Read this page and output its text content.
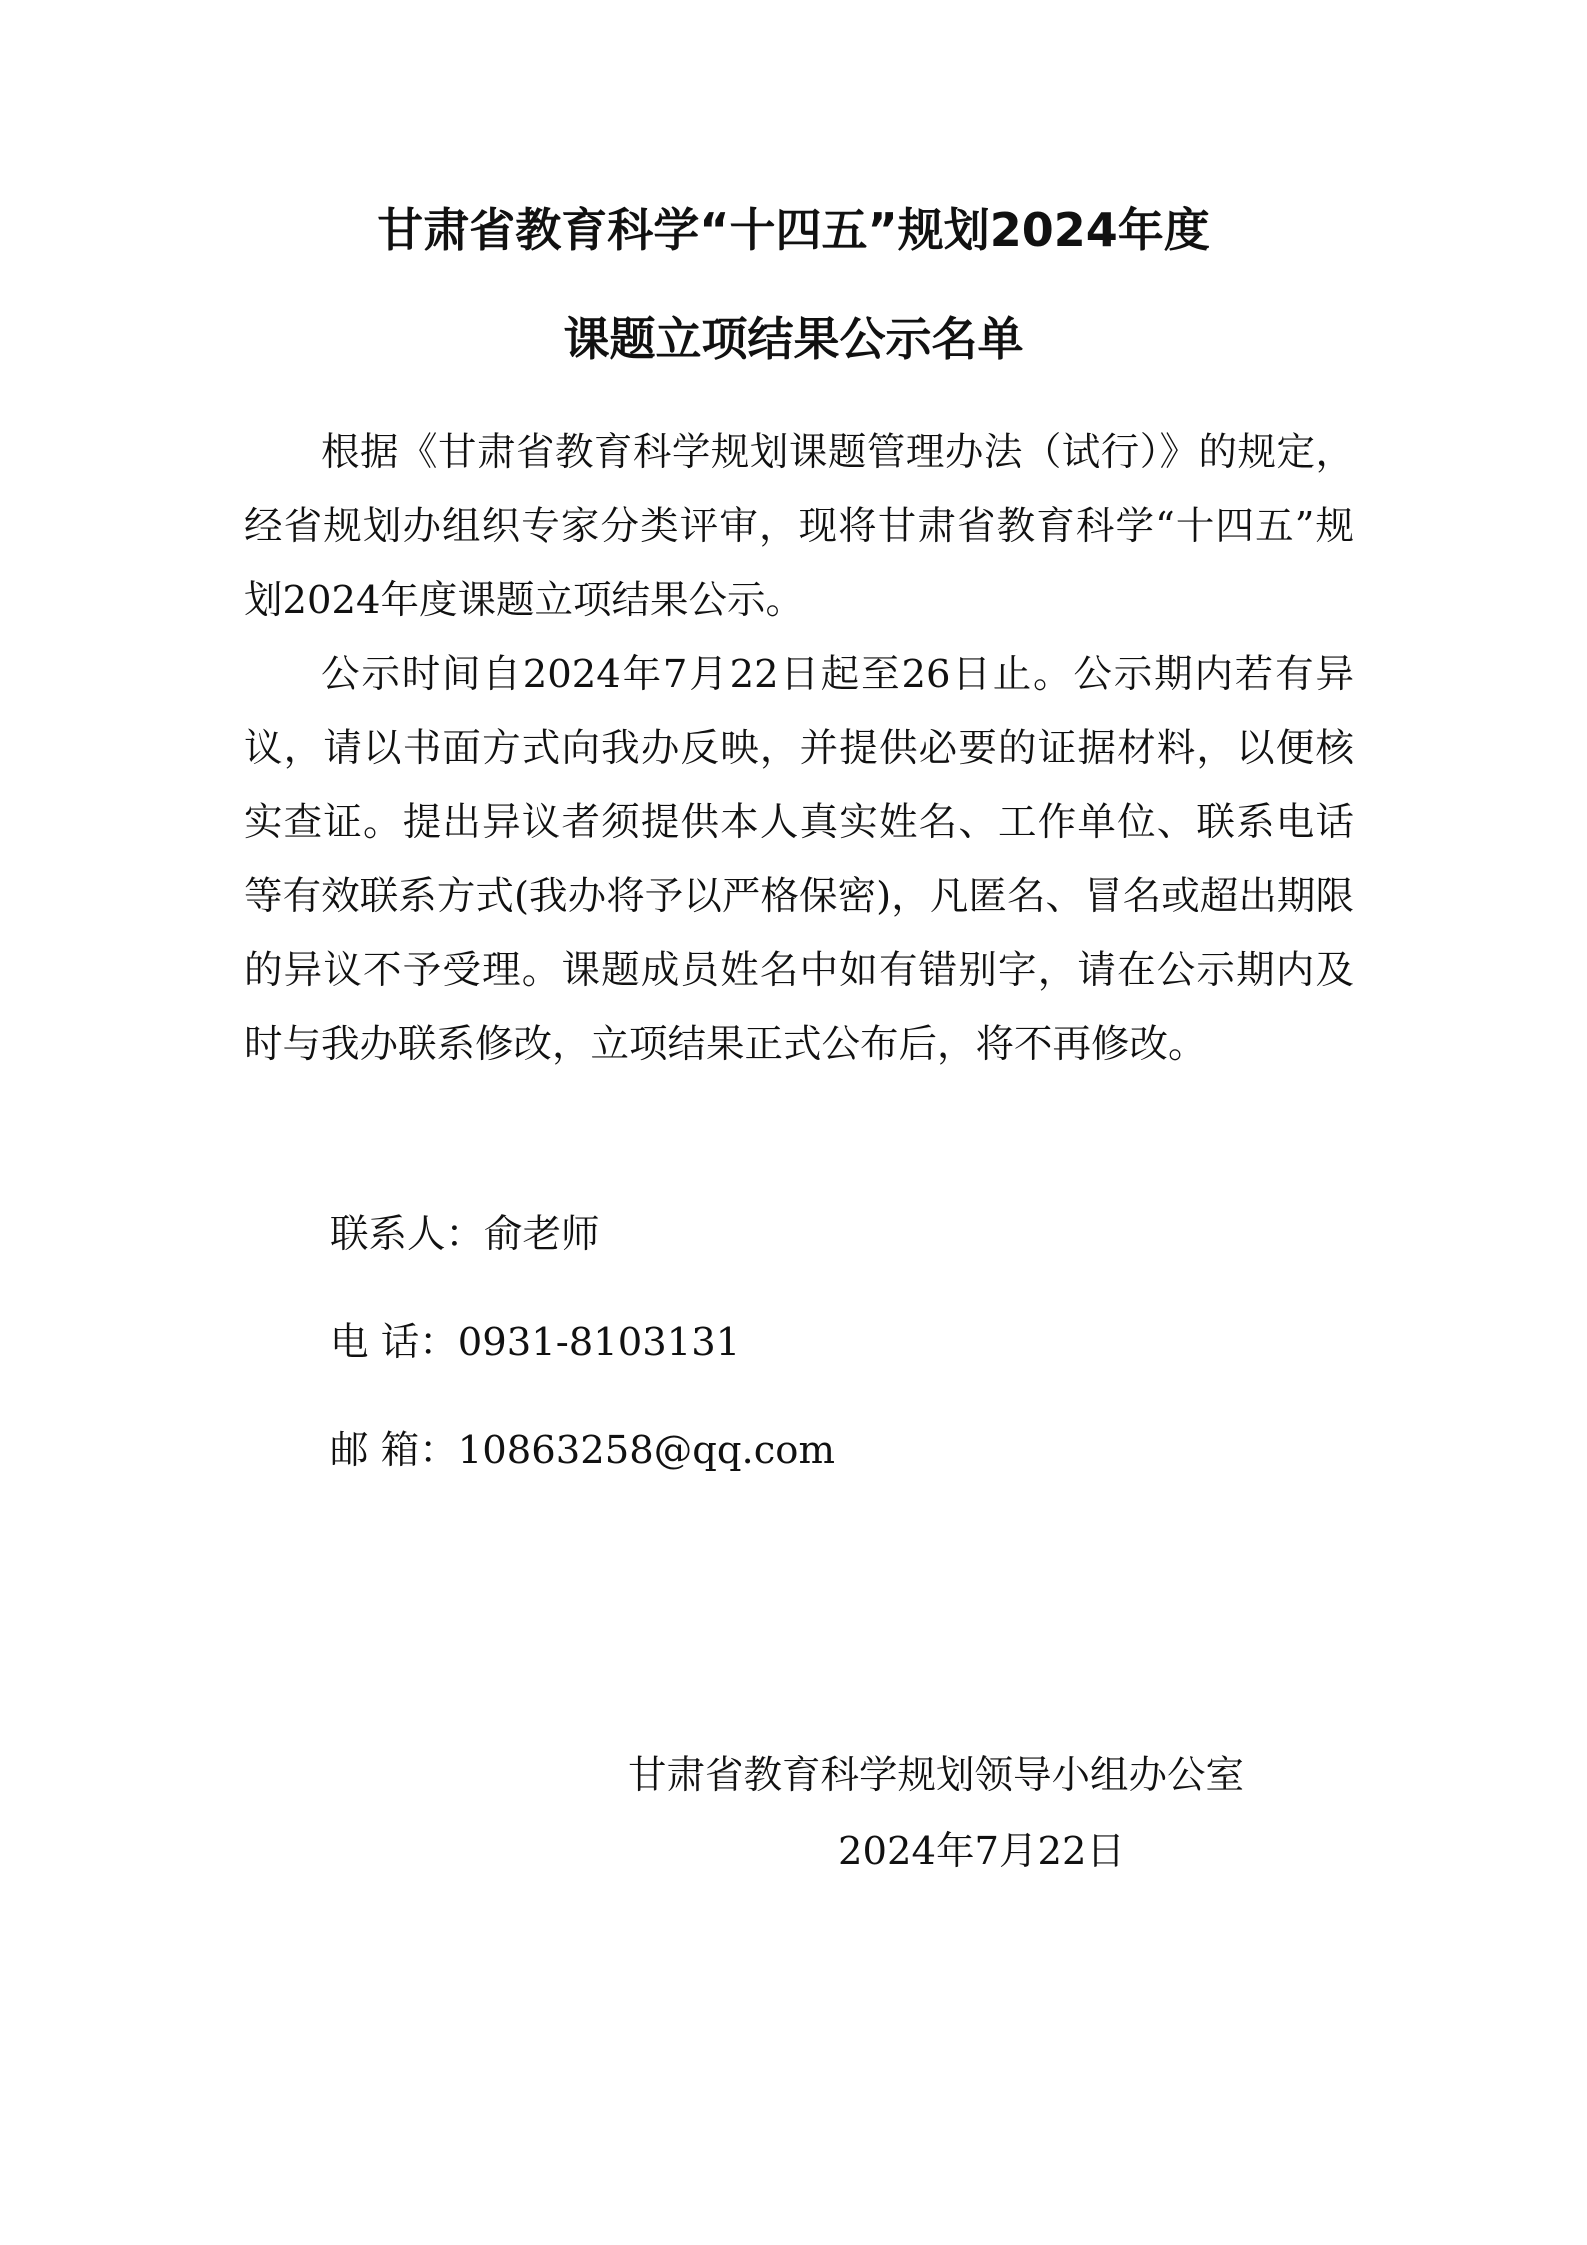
甘肃省教育科学“十四五”规划2024年度
课题立项结果公示名单

根据《甘肃省教育科学规划课题管理办法（试行）》的规定，经省规划办组织专家分类评审，现将甘肃省教育科学“十四五”规划2024年度课题立项结果公示。

公示时间自2024年7月22日起至26日止。公示期内若有异议，请以书面方式向我办反映，并提供必要的证据材料，以便核实查证。提出异议者须提供本人真实姓名、工作单位、联系电话等有效联系方式(我办将予以严格保密)，凡匿名、冒名或超出期限的异议不予受理。课题成员姓名中如有错别字，请在公示期内及时与我办联系修改，立项结果正式公布后，将不再修改。

联系人：俞老师
电 话：0931-8103131
邮 箱：10863258@qq.com
甘肃省教育科学规划领导小组办公室
2024年7月22日
